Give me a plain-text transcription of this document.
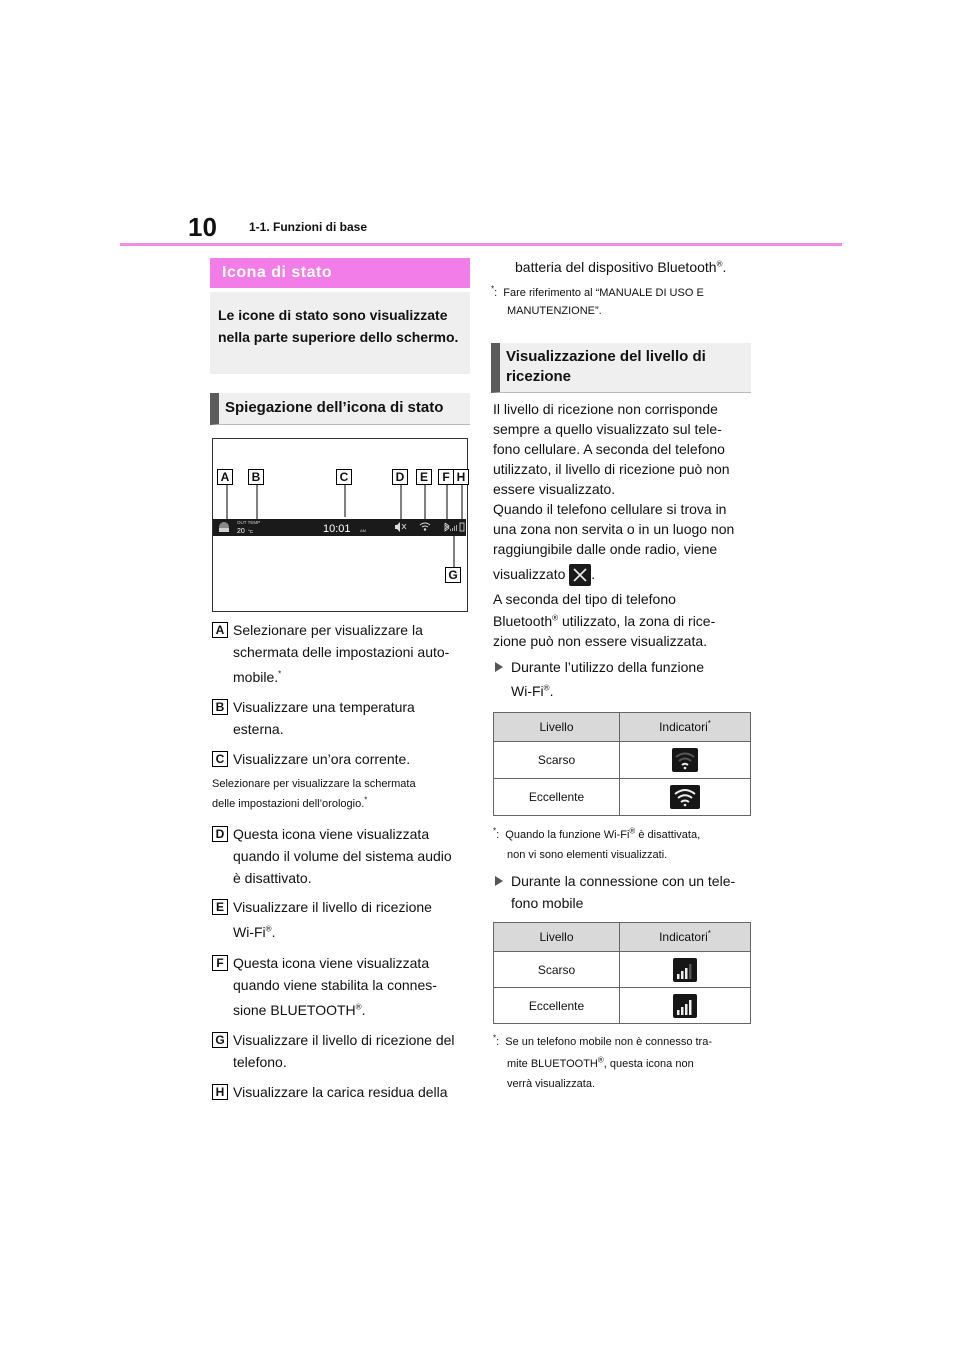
10	1-1. Funzioni di base
Icona di stato
Le icone di stato sono visualizzate nella parte superiore dello schermo.
Spiegazione dell’icona di stato
OUT TEMP
20 °C	10:01 AM
A	B	C	D	E	F H
G
A Selezionare per visualizzare la
schermata delle impostazioni auto-
mobile.*
B Visualizzare una temperatura
esterna.
C Visualizzare un’ora corrente.
Selezionare per visualizzare la schermata
delle impostazioni dell’orologio.*
D Questa icona viene visualizzata
quando il volume del sistema audio
è disattivato.
E Visualizzare il livello di ricezione
Wi-Fi®.
F Questa icona viene visualizzata
quando viene stabilita la connes-
sione BLUETOOTH®.
G Visualizzare il livello di ricezione del
telefono.
H Visualizzare la carica residua della
batteria del dispositivo Bluetooth®.
*:  Fare riferimento al “MANUALE DI USO E
MANUTENZIONE”.
Visualizzazione del livello di ricezione
Il livello di ricezione non corrisponde
sempre a quello visualizzato sul tele-
fono cellulare. A seconda del telefono
utilizzato, il livello di ricezione può non
essere visualizzato.
Quando il telefono cellulare si trova in
una zona non servita o in un luogo non
raggiungibile dalle onde radio, viene
visualizzato .
A seconda del tipo di telefono
Bluetooth® utilizzato, la zona di rice-
zione può non essere visualizzata.
Durante l’utilizzo della funzione
Wi-Fi®.
Livello	Indicatori*
Scarso	

Eccellente	
*:  Quando la funzione Wi-Fi® è disattivata,
non vi sono elementi visualizzati.
Durante la connessione con un tele-
fono mobile
Livello	Indicatori*
Scarso	

Eccellente	
*:  Se un telefono mobile non è connesso tra-
mite BLUETOOTH®, questa icona non
verrà visualizzata.
